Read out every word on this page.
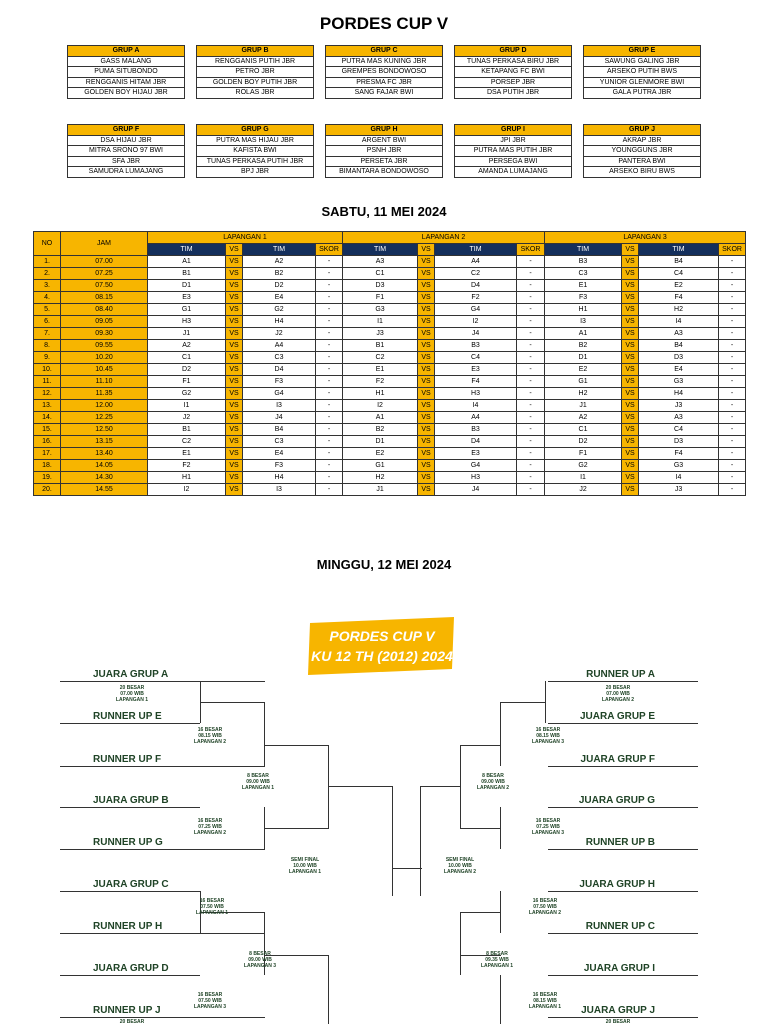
PORDES CUP V
GRUP A
GASS MALANG
PUMA SITUBONDO
RENGGANIS HITAM JBR
GOLDEN BOY HIJAU JBR
GRUP B
RENGGANIS PUTIH JBR
PETRO JBR
GOLDEN BOY PUTIH JBR
ROLAS JBR
GRUP C
PUTRA MAS KUNING JBR
GREMPES BONDOWOSO
PRESMA FC JBR
SANG FAJAR BWI
GRUP D
TUNAS PERKASA BIRU JBR
KETAPANG FC BWI
PORSEP JBR
DSA PUTIH JBR
GRUP E
SAWUNG GALING JBR
ARSEKO PUTIH BWS
YUNIOR GLENMORE BWI
GALA PUTRA JBR
GRUP F
DSA HIJAU JBR
MITRA SRONO 97 BWI
SFA JBR
SAMUDRA LUMAJANG
GRUP G
PUTRA MAS HIJAU JBR
KAFISTA BWI
TUNAS PERKASA PUTIH JBR
BPJ JBR
GRUP H
ARGENT BWI
PSNH JBR
PERSETA JBR
BIMANTARA BONDOWOSO
GRUP I
JPI JBR
PUTRA MAS PUTIH JBR
PERSEGA BWI
AMANDA LUMAJANG
GRUP J
AKRAP JBR
YOUNGGUNS JBR
PANTERA BWI
ARSEKO BIRU BWS
SABTU, 11 MEI 2024
NO	JAM	LAPANGAN 1				LAPANGAN 2				LAPANGAN 3			
		TIM	VS	TIM	SKOR	TIM	VS	TIM	SKOR	TIM	VS	TIM	SKOR
1.	07.00	A1	VS	A2	-	A3	VS	A4	-	B3	VS	B4	-
2.	07.25	B1	VS	B2	-	C1	VS	C2	-	C3	VS	C4	-
3.	07.50	D1	VS	D2	-	D3	VS	D4	-	E1	VS	E2	-
4.	08.15	E3	VS	E4	-	F1	VS	F2	-	F3	VS	F4	-
5.	08.40	G1	VS	G2	-	G3	VS	G4	-	H1	VS	H2	-
6.	09.05	H3	VS	H4	-	I1	VS	I2	-	I3	VS	I4	-
7.	09.30	J1	VS	J2	-	J3	VS	J4	-	A1	VS	A3	-
8.	09.55	A2	VS	A4	-	B1	VS	B3	-	B2	VS	B4	-
9.	10.20	C1	VS	C3	-	C2	VS	C4	-	D1	VS	D3	-
10.	10.45	D2	VS	D4	-	E1	VS	E3	-	E2	VS	E4	-
11.	11.10	F1	VS	F3	-	F2	VS	F4	-	G1	VS	G3	-
12.	11.35	G2	VS	G4	-	H1	VS	H3	-	H2	VS	H4	-
13.	12.00	I1	VS	I3	-	I2	VS	I4	-	J1	VS	J3	-
14.	12.25	J2	VS	J4	-	A1	VS	A4	-	A2	VS	A3	-
15.	12.50	B1	VS	B4	-	B2	VS	B3	-	C1	VS	C4	-
16.	13.15	C2	VS	C3	-	D1	VS	D4	-	D2	VS	D3	-
17.	13.40	E1	VS	E4	-	E2	VS	E3	-	F1	VS	F4	-
18.	14.05	F2	VS	F3	-	G1	VS	G4	-	G2	VS	G3	-
19.	14.30	H1	VS	H4	-	H2	VS	H3	-	I1	VS	I4	-
20.	14.55	I2	VS	I3	-	J1	VS	J4	-	J2	VS	J3	-
MINGGU, 12 MEI 2024
PORDES CUP V
KU 12 TH (2012) 2024
JUARA GRUP A
RUNNER UP E
RUNNER UP F
JUARA GRUP B
RUNNER UP G
JUARA GRUP C
RUNNER UP H
JUARA GRUP D
RUNNER UP J
20 BESAR
07.00 WIB
LAPANGAN 1
16 BESAR
08.15 WIB
LAPANGAN 2
8 BESAR
09.00 WIB
LAPANGAN 1
16 BESAR
07.25 WIB
LAPANGAN 2
SEMI FINAL
10.00 WIB
LAPANGAN 1
16 BESAR
07.50 WIB
LAPANGAN 1
8 BESAR
09.00 WIB
LAPANGAN 3
16 BESAR
07.50 WIB
LAPANGAN 3
20 BESAR
RUNNER UP A
JUARA GRUP E
JUARA GRUP F
JUARA GRUP G
RUNNER UP B
JUARA GRUP H
RUNNER UP C
JUARA GRUP I
JUARA GRUP J
20 BESAR
07.00 WIB
LAPANGAN 2
16 BESAR
08.15 WIB
LAPANGAN 3
8 BESAR
09.00 WIB
LAPANGAN 2
16 BESAR
07.25 WIB
LAPANGAN 3
SEMI FINAL
10.00 WIB
LAPANGAN 2
16 BESAR
07.50 WIB
LAPANGAN 2
8 BESAR
09.35 WIB
LAPANGAN 1
16 BESAR
08.15 WIB
LAPANGAN 1
20 BESAR
